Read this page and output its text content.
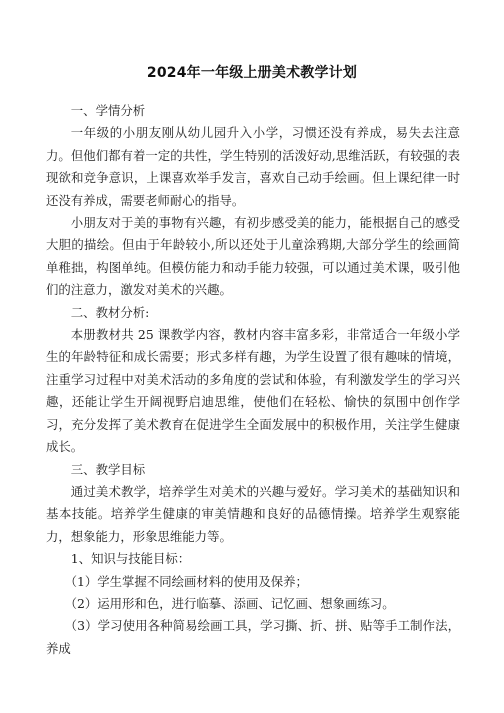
2024年一年级上册美术教学计划

一、学情分析

一年级的小朋友刚从幼儿园升入小学，习惯还没有养成，易失去注意力。但他们都有着一定的共性，学生特别的活泼好动,思维活跃，有较强的表现欲和竞争意识，上课喜欢举手发言，喜欢自己动手绘画。但上课纪律一时还没有养成，需要老师耐心的指导。

小朋友对于美的事物有兴趣，有初步感受美的能力，能根据自己的感受大胆的描绘。但由于年龄较小,所以还处于儿童涂鸦期,大部分学生的绘画简单稚拙，构图单纯。但模仿能力和动手能力较强，可以通过美术课，吸引他们的注意力，激发对美术的兴趣。

二、教材分析:

本册教材共 25 课教学内容，教材内容丰富多彩，非常适合一年级小学生的年龄特征和成长需要；形式多样有趣，为学生设置了很有趣味的情境，注重学习过程中对美术活动的多角度的尝试和体验，有利激发学生的学习兴趣，还能让学生开阔视野启迪思维，使他们在轻松、愉快的氛围中创作学习，充分发挥了美术教育在促进学生全面发展中的积极作用，关注学生健康成长。

三、教学目标

通过美术教学，培养学生对美术的兴趣与爱好。学习美术的基础知识和基本技能。培养学生健康的审美情趣和良好的品德情操。培养学生观察能力，想象能力，形象思维能力等。

1、知识与技能目标：

（1）学生掌握不同绘画材料的使用及保养；

（2）运用形和色，进行临摹、添画、记忆画、想象画练习。

（3）学习使用各种简易绘画工具，学习撕、折、拼、贴等手工制作法，养成
